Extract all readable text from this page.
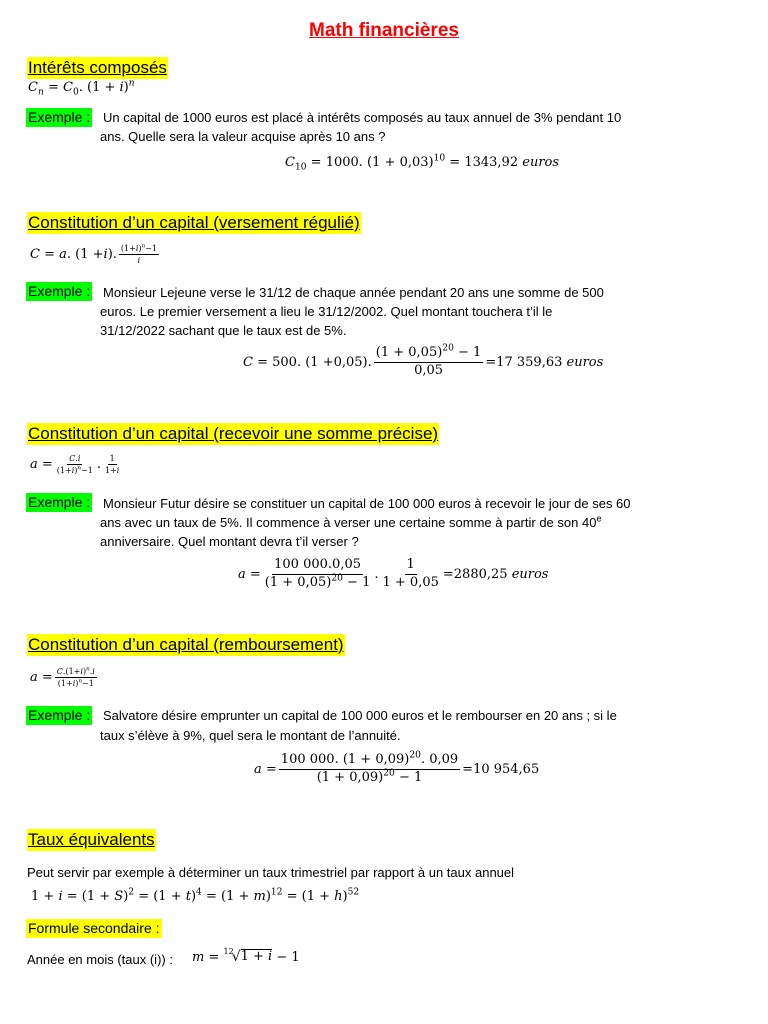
Math financières
Intérêts composés
$C_n = C_0$. $(1 + i)^n$
Exemple : Un capital de 1000 euros est placé à intérêts composés au taux annuel de 3% pendant 10
ans. Quelle sera la valeur acquise après 10 ans ?
$C_{10} = 1000$. $(1 + 0,03)^{10} = 1343,92$ euros
Constitution d’un capital (versement régulié)
C = a . (1 + i ). $\frac{(1+i)^n-1}{i}$
Exemple : Monsieur Lejeune verse le 31/12 de chaque année pendant 20 ans une somme de 500
euros. Le premier versement a lieu le 31/12/2002. Quel montant touchera t’il le
31/12/2022 sachant que le taux est de 5%.
C = 500 . (1 + 0,05 ). $\frac{(1 + 0,05)^{20} - 1}{0,05} = 17$ 359,63
euros
Constitution d’un capital (recevoir une somme précise)
$a = \frac{C.i}{(1+i)^n-1}$ . $\frac{1}{1+i}$
Exemple : Monsieur Futur désire se constituer un capital de 100 000 euros à recevoir le jour de ses 60
ans avec un taux de 5%. Il commence à verser une certaine somme à partir de son 40e
anniversaire. Quel montant devra t’il verser ?
$a = \frac{100 000.0,05}{(1 + 0,05)^{20} - 1}$ . $\frac{1}{1 + 0,05} = 2880,25$
euros
Constitution d’un capital (remboursement)
$a = \frac{C.(1+i)^n.i}{(1+i)^n-1}$
Exemple : Salvatore désire emprunter un capital de 100 000 euros et le rembourser en 20 ans ; si le
taux s’élève à 9%, quel sera le montant de l’annuité.
$a = \frac{100 000. (1 + 0,09)^{20}. 0,09}{(1 + 0,09)^{20} - 1} = 10$ 954,65
Taux équivalents
Peut servir par exemple à déterminer un taux trimestriel par rapport à un taux annuel
$1 + i = (1 + S)^2 = (1 + t)^4 = (1 + m)^{12} = (1 + h)^{52}$
Formule secondaire :
Année en mois (taux (i)) : m = 12
√ 1 + i − 1
